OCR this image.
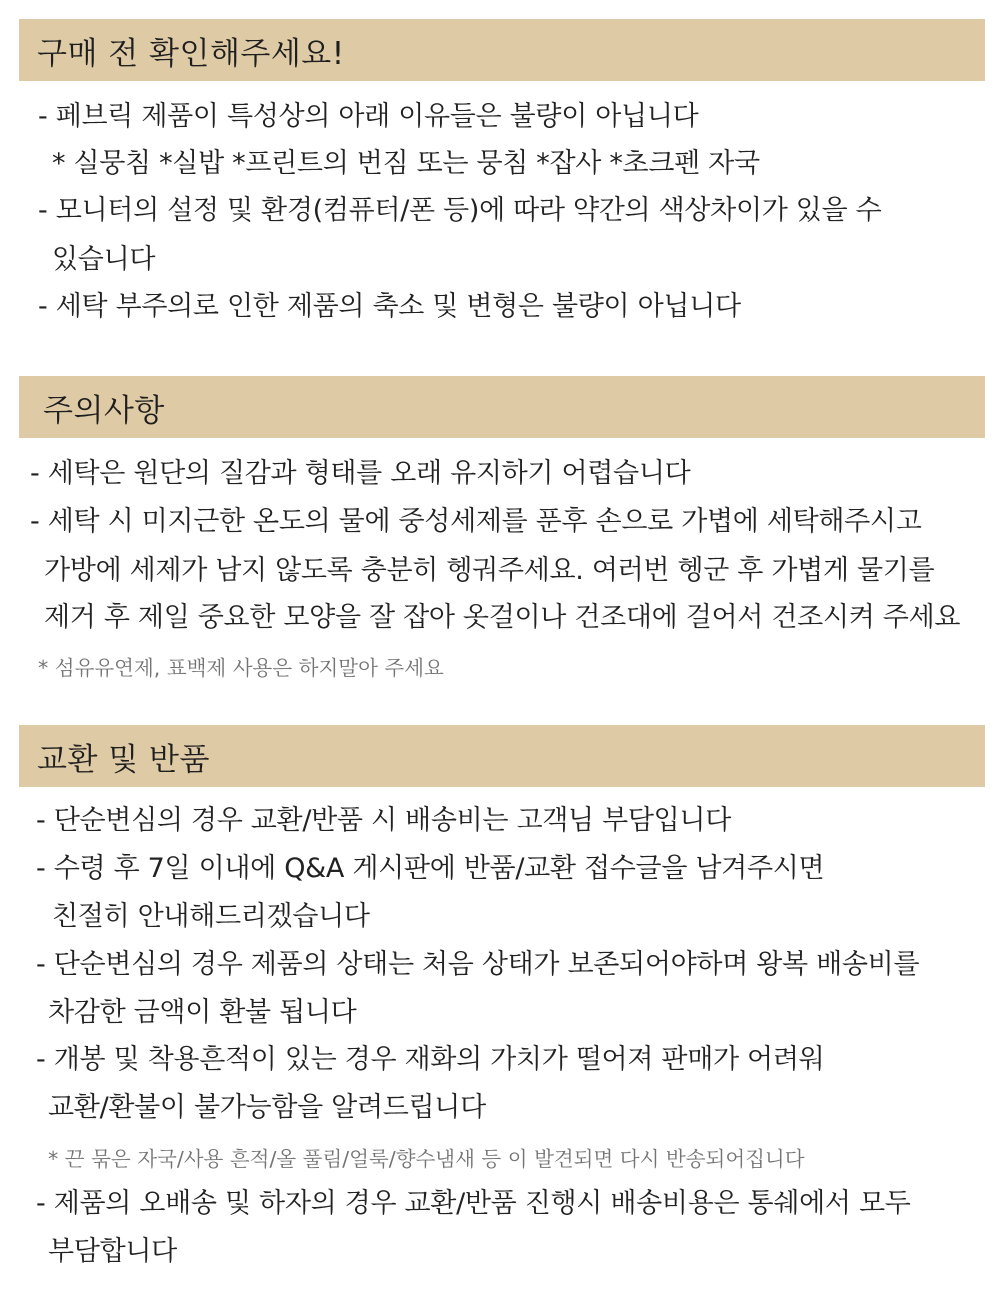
구매 전 확인해주세요!
- 페브릭 제품이 특성상의 아래 이유들은 불량이 아닙니다
* 실뭉침 *실밥 *프린트의 번짐 또는 뭉침 *잡사 *초크펜 자국
- 모니터의 설정 및 환경(컴퓨터/폰 등)에 따라 약간의 색상차이가 있을 수
있습니다
- 세탁 부주의로 인한 제품의 축소 및 변형은 불량이 아닙니다
주의사항
- 세탁은 원단의 질감과 형태를 오래 유지하기 어렵습니다
- 세탁 시 미지근한 온도의 물에 중성세제를 푼후 손으로 가볍에 세탁해주시고
가방에 세제가 남지 않도록 충분히 헹궈주세요. 여러번 헹군 후 가볍게 물기를
제거 후 제일 중요한 모양을 잘 잡아 옷걸이나 건조대에 걸어서 건조시켜 주세요
* 섬유유연제, 표백제 사용은 하지말아 주세요
교환 및 반품
- 단순변심의 경우 교환/반품 시 배송비는 고객님 부담입니다
- 수령 후 7일 이내에 Q&A 게시판에 반품/교환 접수글을 남겨주시면
친절히 안내해드리겠습니다
- 단순변심의 경우 제품의 상태는 처음 상태가 보존되어야하며 왕복 배송비를
차감한 금액이 환불 됩니다
- 개봉 및 착용흔적이 있는 경우 재화의 가치가 떨어져 판매가 어려워
교환/환불이 불가능함을 알려드립니다
* 끈 묶은 자국/사용 흔적/올 풀림/얼룩/향수냄새 등 이 발견되면 다시 반송되어집니다
- 제품의 오배송 및 하자의 경우 교환/반품 진행시 배송비용은 통쉐에서 모두
부담합니다
